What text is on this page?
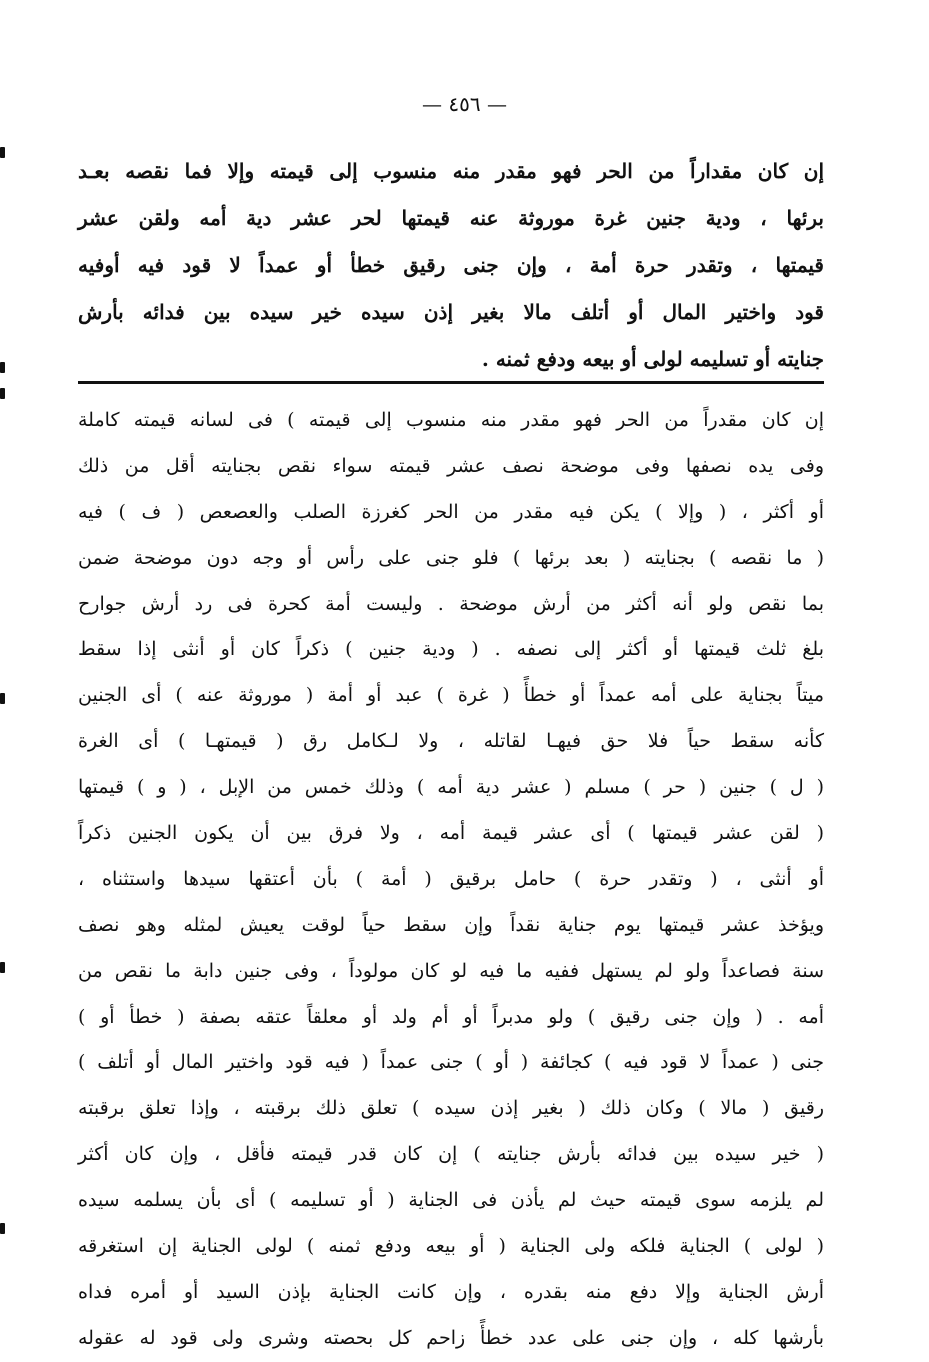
— ٤٥٦ —
إن كان مقداراً من الحر فهو مقدر منه منسوب إلى قيمته وإلا فما نقصه بعـد
برئها ، ودية جنين غرة موروثة عنه قيمتها لحر عشر دية أمه ولقن عشر
قيمتها ، وتقدر حرة أمة ، وإن جنى رقيق خطأ أو عمداً لا قود فيه أوفيه
قود واختير المال أو أتلف مالا بغير إذن سيده خير سيده بين فدائه بأرش
جنايته أو تسليمه لولى أو بيعه ودفع ثمنه .
إن كان مقدراً من الحر فهو مقدر منه منسوب إلى قيمته ) فى لسانه قيمته كاملة
وفى يده نصفها وفى موضحة نصف عشر قيمته سواء نقص بجنايته أقل من ذلك
أو أكثر ، ( وإلا ) يكن فيه مقدر من الحر كغرزة الصلب والعصعص ( ف ) فيه
( ما نقصه ) بجنايته ( بعد برئها ) فلو جنى على رأس أو وجه دون موضحة ضمن
بما نقص ولو أنه أكثر من أرش موضحة . وليست أمة كحرة فى رد أرش جوارح
بلغ ثلث قيمتها أو أكثر إلى نصفه . ( ودية جنين ) ذكراً كان أو أنثى إذا سقط
ميتاً بجناية على أمه عمداً أو خطأً ( غرة ) عبد أو أمة ( موروثة عنه ) أى الجنين
كأنه سقط حياً فلا حق فيهـا لقاتله ، ولا لـكامل رق ( قيمتهـا ) أى الغرة
( ل ) جنين ( حر ) مسلم ( عشر دية أمه ) وذلك خمس من الإبل ، ( و ) قيمتها
( لقن عشر قيمتها ) أى عشر قيمة أمه ، ولا فرق بين أن يكون الجنين ذكراً
أو أنثى ، ( وتقدر حرة ) حامل برقيق ( أمة ) بأن أعتقها سيدها واستثناه ،
ويؤخذ عشر قيمتها يوم جناية نقداً وإن سقط حياً لوقت يعيش لمثله وهو نصف
سنة فصاعداً ولو لم يستهل ففيه ما فيه لو كان مولوداً ، وفى جنين دابة ما نقص من
أمه . ( وإن جنى رقيق ) ولو مدبراً أو أم ولد أو معلقاً عتقه بصفة ( خطأ أو )
جنى ( عمداً لا قود فيه ) كجائفة ( أو ) جنى عمداً ( فيه قود واختير المال أو أتلف )
رقيق ( مالا ) وكان ذلك ( بغير إذن سيده ) تعلق ذلك برقبته ، وإذا تعلق برقبته
( خير سيده بين فدائه بأرش جنايته ) إن كان قدر قيمته فأقل ، وإن كان أكثر
لم يلزمه سوى قيمته حيث لم يأذن فى الجناية ( أو تسليمه ) أى بأن يسلمه سيده
( لولى ) الجناية فلكه ولى الجناية ( أو بيعه ودفع ثمنه ) لولى الجناية إن استغرقه
أرش الجناية وإلا دفع منه بقدره ، وإن كانت الجناية بإذن السيد أو أمره فداه
بأرشها كله ، وإن جنى على عدد خطأً زاحم كل بحصته وشرى ولى قود له عقوله
